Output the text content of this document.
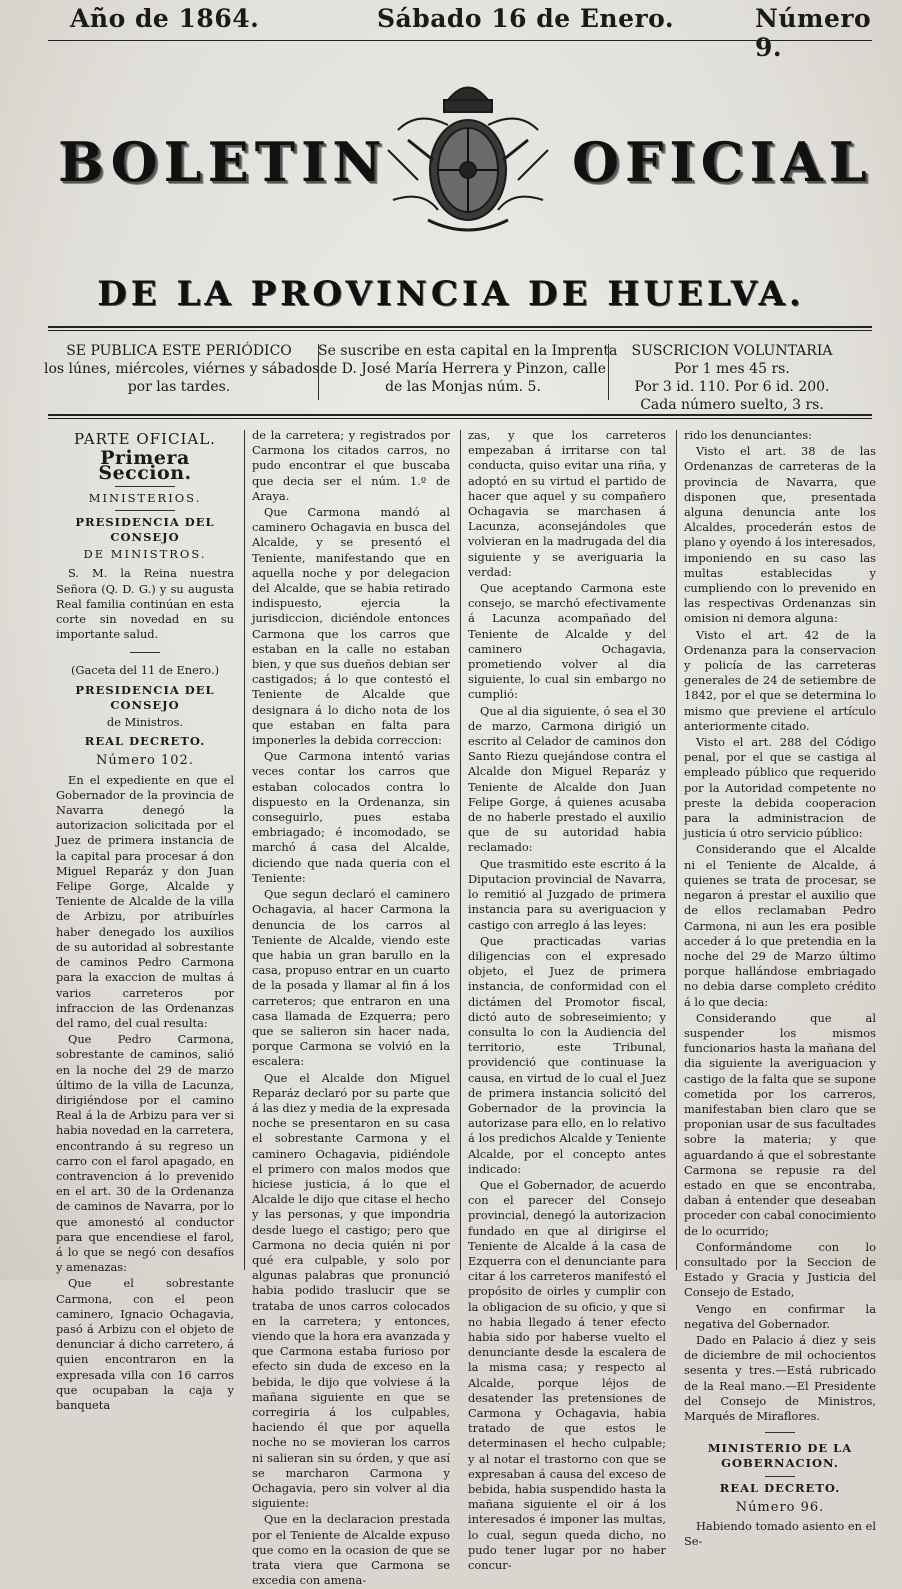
Año de 1864.	Sábado 16 de Enero.	Número 9.
BOLETIN	OFICIAL
DE LA PROVINCIA DE HUELVA.
SE PUBLICA ESTE PERIÓDICO
los lúnes, miércoles, viérnes y sábados
por las tardes.
Se suscribe en esta capital en la Imprenta
de D. José María Herrera y Pinzon, calle
de las Monjas núm. 5.
SUSCRICION VOLUNTARIA
Por 1 mes 45 rs.
Por 3 id. 110. Por 6 id. 200.
Cada número suelto, 3 rs.

PARTE OFICIAL.

Primera Seccion.

MINISTERIOS.

PRESIDENCIA DEL CONSEJO

DE MINISTROS.

S. M. la Reina nuestra Señora (Q. D. G.) y su augusta Real familia continúan en esta corte sin novedad en su importante salud.

(Gaceta del 11 de Enero.)

PRESIDENCIA DEL CONSEJO

de Ministros.

REAL DECRETO.

Número 102.

En el expediente en que el Gobernador de la provincia de Navarra denegó la autorizacion solicitada por el Juez de primera instancia de la capital para procesar á don Miguel Reparáz y don Juan Felipe Gorge, Alcalde y Teniente de Alcalde de la villa de Arbizu, por atribuírles haber denegado los auxilios de su autoridad al sobrestante de caminos Pedro Carmona para la exaccion de multas á varios carreteros por infraccion de las Ordenanzas del ramo, del cual resulta:

Que Pedro Carmona, sobrestante de caminos, salió en la noche del 29 de marzo último de la villa de Lacunza, dirigiéndose por el camino Real á la de Arbizu para ver si habia novedad en la carretera, encontrando á su regreso un carro con el farol apagado, en contravencion á lo prevenido en el art. 30 de la Ordenanza de caminos de Navarra, por lo que amonestó al conductor para que encendiese el farol, á lo que se negó con desafíos y amenazas:

Que el sobrestante Carmona, con el peon caminero, Ignacio Ochagavia, pasó á Arbizu con el objeto de denunciar á dicho carretero, á quien encontraron en la expresada villa con 16 carros que ocupaban la caja y banqueta

de la carretera; y registrados por Carmona los citados carros, no pudo encontrar el que buscaba que decia ser el núm. 1.º de Araya.

Que Carmona mandó al caminero Ochagavia en busca del Alcalde, y se presentó el Teniente, manifestando que en aquella noche y por delegacion del Alcalde, que se habia retirado indispuesto, ejercia la jurisdiccion, diciéndole entonces Carmona que los carros que estaban en la calle no estaban bien, y que sus dueños debian ser castigados; á lo que contestó el Teniente de Alcalde que designara á lo dicho nota de los que estaban en falta para imponerles la debida correccion:

Que Carmona intentó varias veces contar los carros que estaban colocados contra lo dispuesto en la Ordenanza, sin conseguirlo, pues estaba embriagado; é incomodado, se marchó á casa del Alcalde, diciendo que nada queria con el Teniente:

Que segun declaró el caminero Ochagavia, al hacer Carmona la denuncia de los carros al Teniente de Alcalde, viendo este que habia un gran barullo en la casa, propuso entrar en un cuarto de la posada y llamar al fin á los carreteros; que entraron en una casa llamada de Ezquerra; pero que se salieron sin hacer nada, porque Carmona se volvió en la escalera:

Que el Alcalde don Miguel Reparáz declaró por su parte que á las diez y media de la expresada noche se presentaron en su casa el sobrestante Carmona y el caminero Ochagavia, pidiéndole el primero con malos modos que hiciese justicia, á lo que el Alcalde le dijo que citase el hecho y las personas, y que impondria desde luego el castigo; pero que Carmona no decia quién ni por qué era culpable, y solo por algunas palabras que pronunció habia podido traslucir que se trataba de unos carros colocados en la carretera; y entonces, viendo que la hora era avanzada y que Carmona estaba furioso por efecto sin duda de exceso en la bebida, le dijo que volviese á la mañana siguiente en que se corregiria á los culpables, haciendo él que por aquella noche no se movieran los carros ni salieran sin su órden, y que así se marcharon Carmona y Ochagavia, pero sin volver al dia siguiente:

Que en la declaracion prestada por el Teniente de Alcalde expuso que como en la ocasion de que se trata viera que Carmona se excedia con amena-

zas, y que los carreteros empezaban á irritarse con tal conducta, quiso evitar una riña, y adoptó en su virtud el partido de hacer que aquel y su compañero Ochagavia se marchasen á Lacunza, aconsejándoles que volvieran en la madrugada del dia siguiente y se averiguaria la verdad:

Que aceptando Carmona este consejo, se marchó efectivamente á Lacunza acompañado del Teniente de Alcalde y del caminero Ochagavia, prometiendo volver al dia siguiente, lo cual sin embargo no cumplió:

Que al dia siguiente, ó sea el 30 de marzo, Carmona dirigió un escrito al Celador de caminos don Santo Riezu quejándose contra el Alcalde don Miguel Reparáz y Teniente de Alcalde don Juan Felipe Gorge, á quienes acusaba de no haberle prestado el auxilio que de su autoridad habia reclamado:

Que trasmitido este escrito á la Diputacion provincial de Navarra, lo remitió al Juzgado de primera instancia para su averiguacion y castigo con arreglo á las leyes:

Que practicadas varias diligencias con el expresado objeto, el Juez de primera instancia, de conformidad con el dictámen del Promotor fiscal, dictó auto de sobreseimiento; y consulta lo con la Audiencia del territorio, este Tribunal, providenció que continuase la causa, en virtud de lo cual el Juez de primera instancia solicitó del Gobernador de la provincia la autorizase para ello, en lo relativo á los predichos Alcalde y Teniente Alcalde, por el concepto antes indicado:

Que el Gobernador, de acuerdo con el parecer del Consejo provincial, denegó la autorizacion fundado en que al dirigirse el Teniente de Alcalde á la casa de Ezquerra con el denunciante para citar á los carreteros manifestó el propósito de oirles y cumplir con la obligacion de su oficio, y que si no habia llegado á tener efecto habia sido por haberse vuelto el denunciante desde la escalera de la misma casa; y respecto al Alcalde, porque léjos de desatender las pretensiones de Carmona y Ochagavia, habia tratado de que estos le determinasen el hecho culpable; y al notar el trastorno con que se expresaban á causa del exceso de bebida, habia suspendido hasta la mañana siguiente el oir á los interesados é imponer las multas, lo cual, segun queda dicho, no pudo tener lugar por no haber concur-

rido los denunciantes:

Visto el art. 38 de las Ordenanzas de carreteras de la provincia de Navarra, que disponen que, presentada alguna denuncia ante los Alcaldes, procederán estos de plano y oyendo á los interesados, imponiendo en su caso las multas establecidas y cumpliendo con lo prevenido en las respectivas Ordenanzas sin omision ni demora alguna:

Visto el art. 42 de la Ordenanza para la conservacion y policía de las carreteras generales de 24 de setiembre de 1842, por el que se determina lo mismo que previene el artículo anteriormente citado.

Visto el art. 288 del Código penal, por el que se castiga al empleado público que requerido por la Autoridad competente no preste la debida cooperacion para la administracion de justicia ú otro servicio público:

Considerando que el Alcalde ni el Teniente de Alcalde, á quienes se trata de procesar, se negaron á prestar el auxilio que de ellos reclamaban Pedro Carmona, ni aun les era posible acceder á lo que pretendia en la noche del 29 de Marzo último porque hallándose embriagado no debia darse completo crédito á lo que decia:

Considerando que al suspender los mismos funcionarios hasta la mañana del dia siguiente la averiguacion y castigo de la falta que se supone cometida por los carreros, manifestaban bien claro que se proponian usar de sus facultades sobre la materia; y que aguardando á que el sobrestante Carmona se repusie ra del estado en que se encontraba, daban á entender que deseaban proceder con cabal conocimiento de lo ocurrido;

Conformándome con lo consultado por la Seccion de Estado y Gracia y Justicia del Consejo de Estado,

Vengo en confirmar la negativa del Gobernador.

Dado en Palacio á diez y seis de diciembre de mil ochocientos sesenta y tres.—Está rubricado de la Real mano.—El Presidente del Consejo de Ministros, Marqués de Miraflores.

MINISTERIO DE LA GOBERNACION.

REAL DECRETO.

Número 96.

Habiendo tomado asiento en el Se-
